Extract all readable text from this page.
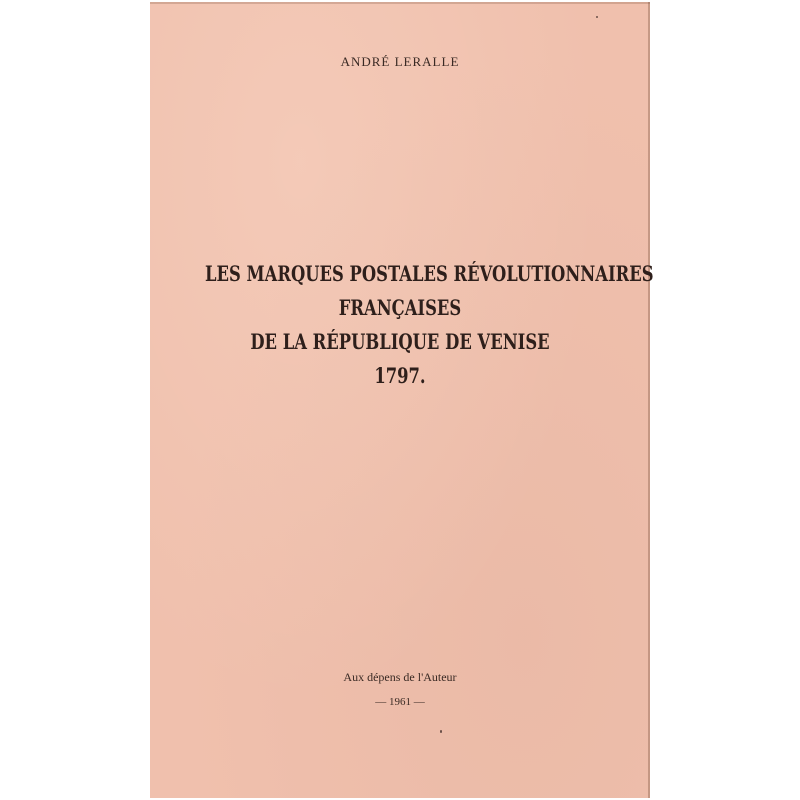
ANDRÉ LERALLE
LES MARQUES POSTALES RÉVOLUTIONNAIRES
FRANÇAISES
DE LA RÉPUBLIQUE DE VENISE
1797.
Aux dépens de l'Auteur
— 1961 —
